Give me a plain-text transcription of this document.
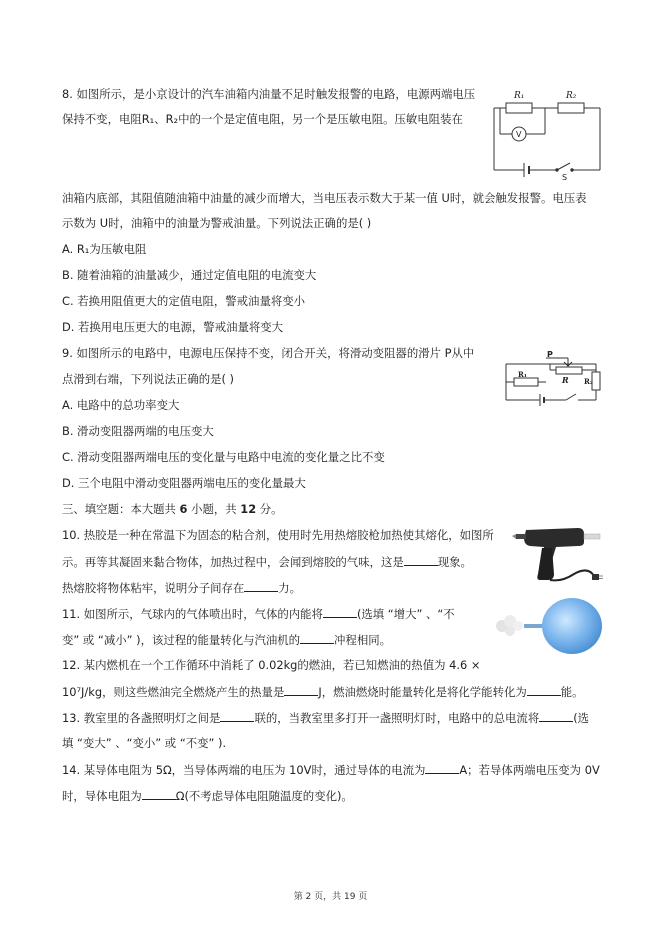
8. 如图所示，是小京设计的汽车油箱内油量不足时触发报警的电路，电源两端电压
保持不变，电阻R₁、R₂中的一个是定值电阻，另一个是压敏电阻。压敏电阻装在
R₁	R₂
V
S
油箱内底部，其阻值随油箱中油量的减少而增大，当电压表示数大于某一值 U时，就会触发报警。电压表
示数为 U时，油箱中的油量为警戒油量。下列说法正确的是( )
A. R₁为压敏电阻
B. 随着油箱的油量减少，通过定值电阻的电流变大
C. 若换用阻值更大的定值电阻，警戒油量将变小
D. 若换用电压更大的电源，警戒油量将变大
9. 如图所示的电路中，电源电压保持不变，闭合开关，将滑动变阻器的滑片 P从中
点滑到右端，下列说法正确的是( )
P
R
R₁
R₂
A. 电路中的总功率变大
B. 滑动变阻器两端的电压变大
C. 滑动变阻器两端电压的变化量与电路中电流的变化量之比不变
D. 三个电阻中滑动变阻器两端电压的变化量最大
三、填空题：本大题共 6 小题，共 12 分。
10. 热胶是一种在常温下为固态的粘合剂，使用时先用热熔胶枪加热使其熔化，如图所
示。再等其凝固来黏合物体，加热过程中，会闻到熔胶的气味，这是	现象。
热熔胶将物体粘牢，说明分子间存在	力。
11. 如图所示，气球内的气体喷出时，气体的内能将	(选填 “增大” 、“不
变” 或 “减小” )，该过程的能量转化与汽油机的	冲程相同。
12. 某内燃机在一个工作循环中消耗了 0.02kg的燃油，若已知燃油的热值为 4.6 ×
10⁷J/kg，则这些燃油完全燃烧产生的热量是	J，燃油燃烧时能量转化是将化学能转化为	能。
13. 教室里的各盏照明灯之间是	联的，当教室里多打开一盏照明灯时，电路中的总电流将	(选
填 “变大” 、“变小” 或 “不变” ).
14. 某导体电阻为 5Ω，当导体两端的电压为 10V时，通过导体的电流为	A；若导体两端电压变为 0V
时，导体电阻为	Ω(不考虑导体电阻随温度的变化)。
第 2 页，共 19 页
